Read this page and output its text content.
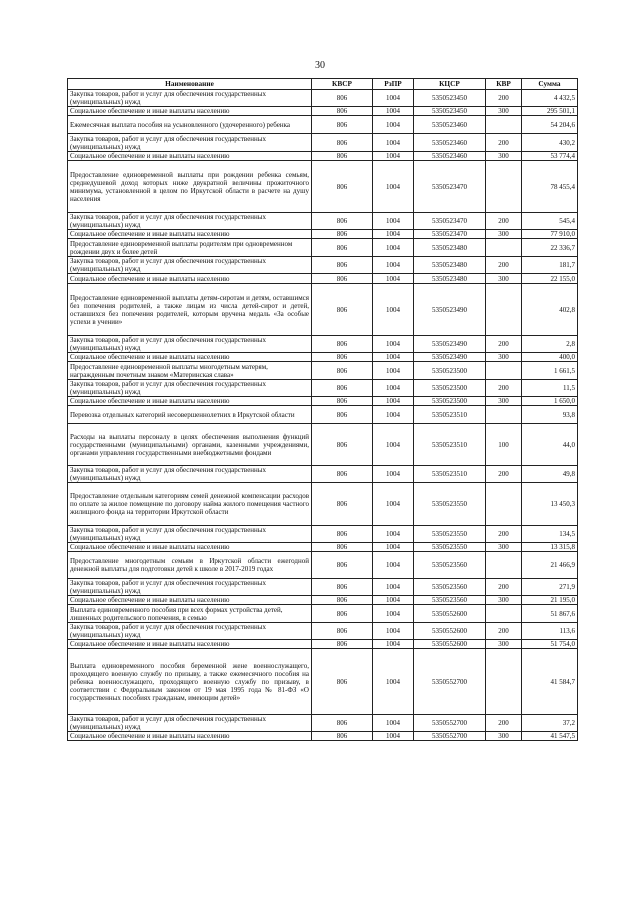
30
Наименование	КВСР	РзПР	КЦСР	КВР	Сумма
Закупка товаров, работ и услуг для обеспечения государственных (муниципальных) нужд	806	1004	5350523450	200	4 432,5
Социальное обеспечение и иные выплаты населению	806	1004	5350523450	300	295 501,1
Ежемесячная выплата пособия на усыновленного (удочеренного) ребенка	806	1004	5350523460		54 204,6
Закупка товаров, работ и услуг для обеспечения государственных (муниципальных) нужд	806	1004	5350523460	200	430,2
Социальное обеспечение и иные выплаты населению	806	1004	5350523460	300	53 774,4
Предоставление единовременной выплаты при рождении ребенка семьям, среднедушевой доход которых ниже двукратной величины прожиточного минимума, установленной в целом по Иркутской области в расчете на душу населения	806	1004	5350523470		78 455,4
Закупка товаров, работ и услуг для обеспечения государственных (муниципальных) нужд	806	1004	5350523470	200	545,4
Социальное обеспечение и иные выплаты населению	806	1004	5350523470	300	77 910,0
Предоставление единовременной выплаты родителям при одновременном рождении двух и более детей	806	1004	5350523480		22 336,7
Закупка товаров, работ и услуг для обеспечения государственных (муниципальных) нужд	806	1004	5350523480	200	181,7
Социальное обеспечение и иные выплаты населению	806	1004	5350523480	300	22 155,0
Предоставление единовременной выплаты детям-сиротам и детям, оставшимся без попечения родителей, а также лицам из числа детей-сирот и детей, оставшихся без попечения родителей, которым вручена медаль «За особые успехи в учении»	806	1004	5350523490		402,8
Закупка товаров, работ и услуг для обеспечения государственных (муниципальных) нужд	806	1004	5350523490	200	2,8
Социальное обеспечение и иные выплаты населению	806	1004	5350523490	300	400,0
Предоставление единовременной выплаты многодетным матерям, награжденным почетным знаком «Материнская слава»	806	1004	5350523500		1 661,5
Закупка товаров, работ и услуг для обеспечения государственных (муниципальных) нужд	806	1004	5350523500	200	11,5
Социальное обеспечение и иные выплаты населению	806	1004	5350523500	300	1 650,0
Перевозка отдельных категорий несовершеннолетних в Иркутской области	806	1004	5350523510		93,8
Расходы на выплаты персоналу в целях обеспечения выполнения функций государственными (муниципальными) органами, казенными учреждениями, органами управления государственными внебюджетными фондами	806	1004	5350523510	100	44,0
Закупка товаров, работ и услуг для обеспечения государственных (муниципальных) нужд	806	1004	5350523510	200	49,8
Предоставление отдельным категориям семей денежной компенсации расходов по оплате за жилое помещение по договору найма жилого помещения частного жилищного фонда на территории Иркутской области	806	1004	5350523550		13 450,3
Закупка товаров, работ и услуг для обеспечения государственных (муниципальных) нужд	806	1004	5350523550	200	134,5
Социальное обеспечение и иные выплаты населению	806	1004	5350523550	300	13 315,8
Предоставление многодетным семьям в Иркутской области ежегодной денежной выплаты для подготовки детей к школе в 2017-2019 годах	806	1004	5350523560		21 466,9
Закупка товаров, работ и услуг для обеспечения государственных (муниципальных) нужд	806	1004	5350523560	200	271,9
Социальное обеспечение и иные выплаты населению	806	1004	5350523560	300	21 195,0
Выплата единовременного пособия при всех формах устройства детей, лишенных родительского попечения, в семью	806	1004	5350552600		51 867,6
Закупка товаров, работ и услуг для обеспечения государственных (муниципальных) нужд	806	1004	5350552600	200	113,6
Социальное обеспечение и иные выплаты населению	806	1004	5350552600	300	51 754,0
Выплата единовременного пособия беременной жене военнослужащего, проходящего военную службу по призыву, а также ежемесячного пособия на ребенка военнослужащего, проходящего военную службу по призыву, в соответствии с Федеральным законом от 19 мая 1995 года № 81-ФЗ «О государственных пособиях гражданам, имеющим детей»	806	1004	5350552700		41 584,7
Закупка товаров, работ и услуг для обеспечения государственных (муниципальных) нужд	806	1004	5350552700	200	37,2
Социальное обеспечение и иные выплаты населению	806	1004	5350552700	300	41 547,5
